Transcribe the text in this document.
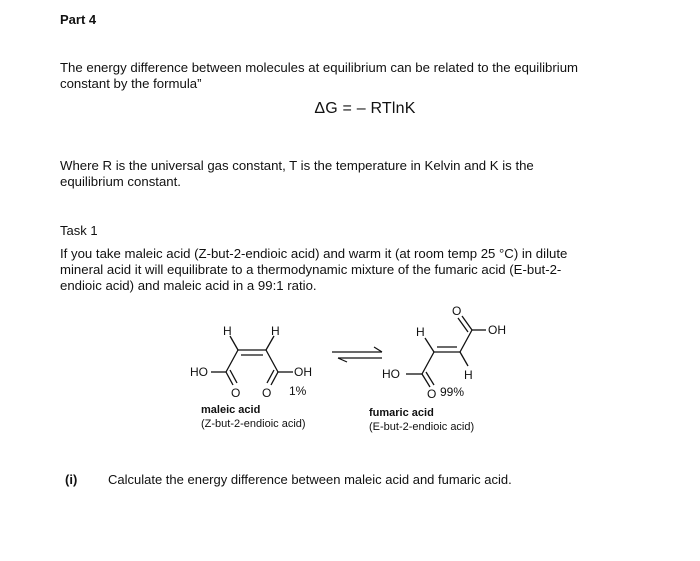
Part 4
The energy difference between molecules at equilibrium can be related to the equilibrium
constant by the formula”
ΔG = – RTlnK
Where R is the universal gas constant, T is the temperature in Kelvin and K is the
equilibrium constant.
Task 1
If you take maleic acid (Z-but-2-endioic acid) and warm it (at room temp 25 °C) in dilute
mineral acid it will equilibrate to a thermodynamic mixture of the fumaric acid (E-but-2-
endioic acid) and maleic acid in a 99:1 ratio.
H	H
HO	OH
O O 1%
maleic acid
(Z-but-2-endioic acid)
H	OH
O
HO	H
O 99%
fumaric acid
(E-but-2-endioic acid)
(i) Calculate the energy difference between maleic acid and fumaric acid.
